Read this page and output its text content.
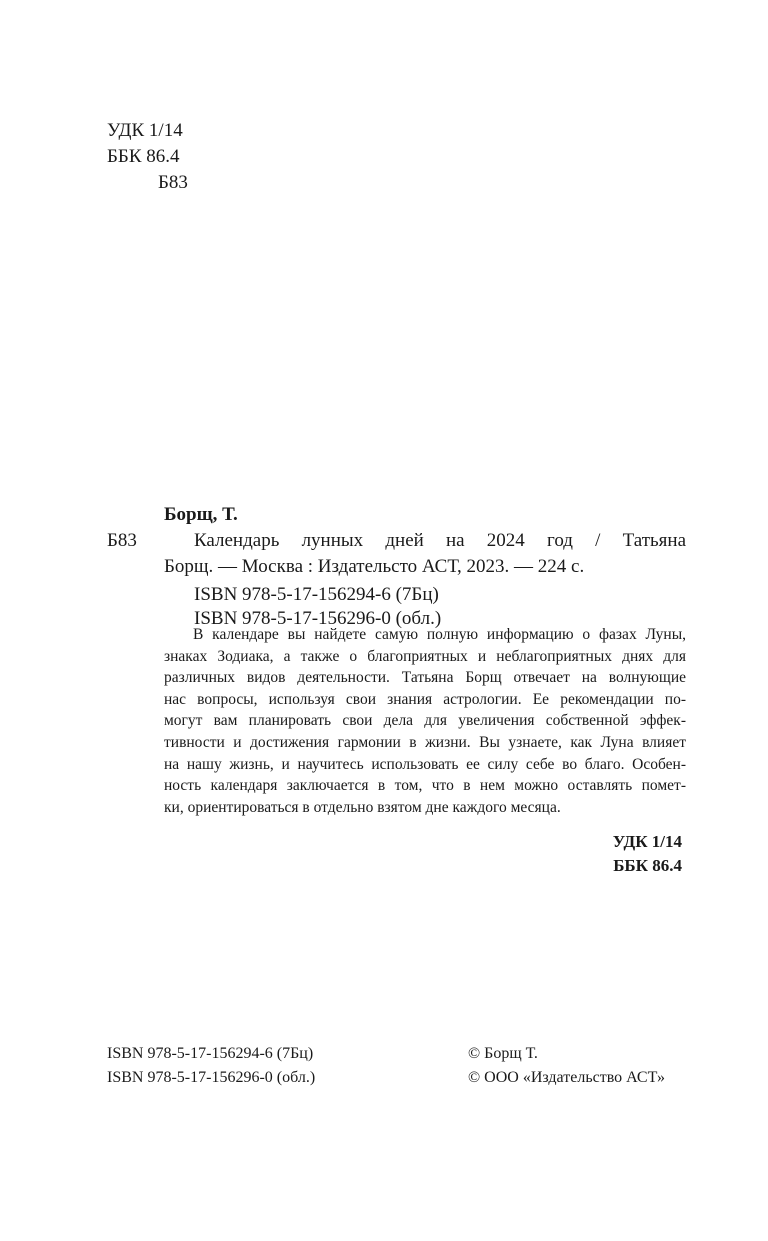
УДК 1/14
ББК 86.4
Б83
Борщ, Т.
Б83	Календарь лунных дней на 2024 год / Татьяна
Борщ. — Москва : Издательсто АСТ, 2023. — 224 с.
ISBN 978-5-17-156294-6 (7Бц)
ISBN 978-5-17-156296-0 (обл.)
В календаре вы найдете самую полную информацию о фазах Луны,
знаках Зодиака, а также о благоприятных и неблагоприятных днях для
различных видов деятельности. Татьяна Борщ отвечает на волнующие
нас вопросы, используя свои знания астрологии. Ее рекомендации по-
могут вам планировать свои дела для увеличения собственной эффек-
тивности и достижения гармонии в жизни. Вы узнаете, как Луна влияет
на нашу жизнь, и научитесь использовать ее силу себе во благо. Особен-
ность календаря заключается в том, что в нем можно оставлять помет-
ки, ориентироваться в отдельно взятом дне каждого месяца.
УДК 1/14
ББК 86.4
ISBN 978-5-17-156294-6 (7Бц)
ISBN 978-5-17-156296-0 (обл.)
© Борщ Т.
© ООО «Издательство АСТ»
